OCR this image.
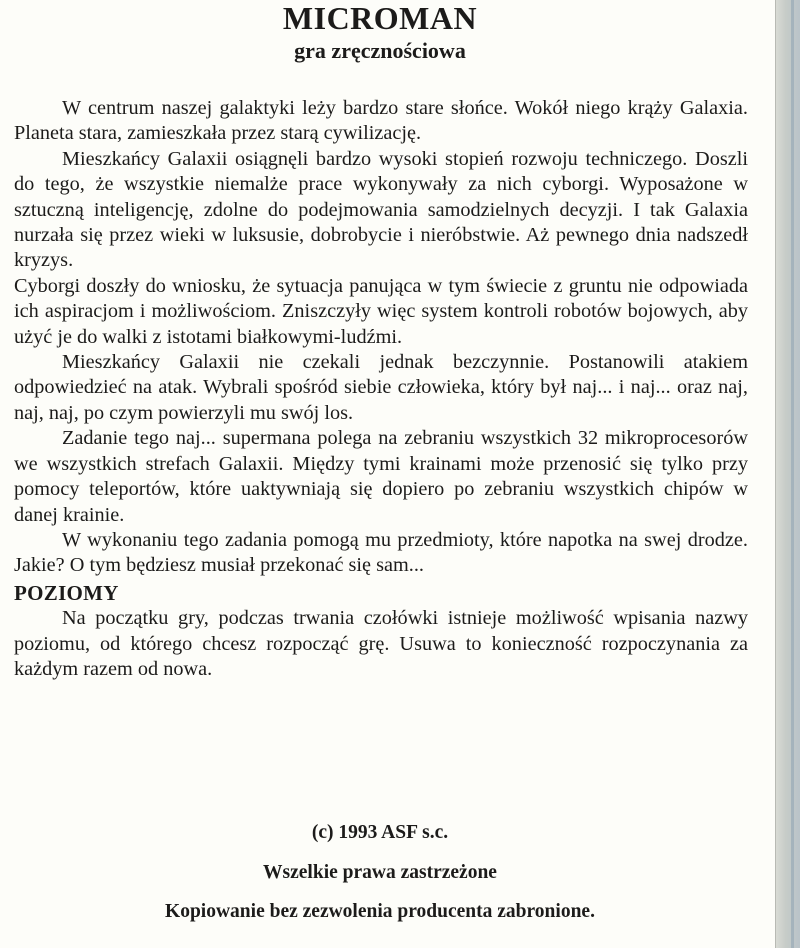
MICROMAN
gra zręcznościowa

W centrum naszej galaktyki leży bardzo stare słońce. Wokół niego krąży Galaxia. Planeta stara, zamieszkała przez starą cywilizację.

Mieszkańcy Galaxii osiągnęli bardzo wysoki stopień rozwoju techniczego. Doszli do tego, że wszystkie niemalże prace wykonywały za nich cyborgi. Wyposażone w sztuczną inteligencję, zdolne do podejmowania samodzielnych decyzji. I tak Galaxia nurzała się przez wieki w luksusie, dobrobycie i nieróbstwie. Aż pewnego dnia nadszedł kryzys.

Cyborgi doszły do wniosku, że sytuacja panująca w tym świecie z gruntu nie odpowiada ich aspiracjom i możliwościom. Zniszczyły więc system kontroli robotów bojowych, aby użyć je do walki z istotami białkowymi-ludźmi.

Mieszkańcy Galaxii nie czekali jednak bezczynnie. Postanowili atakiem odpowiedzieć na atak. Wybrali spośród siebie człowieka, który był naj... i naj... oraz naj, naj, naj, po czym powierzyli mu swój los.

Zadanie tego naj... supermana polega na zebraniu wszystkich 32 mikroprocesorów we wszystkich strefach Galaxii. Między tymi krainami może przenosić się tylko przy pomocy teleportów, które uaktywniają się dopiero po zebraniu wszystkich chipów w danej krainie.

W wykonaniu tego zadania pomogą mu przedmioty, które napotka na swej drodze. Jakie? O tym będziesz musiał przekonać się sam...

POZIOMY

Na początku gry, podczas trwania czołówki istnieje możliwość wpisania nazwy poziomu, od którego chcesz rozpocząć grę. Usuwa to konieczność rozpoczynania za każdym razem od nowa.

(c) 1993 ASF s.c.
Wszelkie prawa zastrzeżone
Kopiowanie bez zezwolenia producenta zabronione.
